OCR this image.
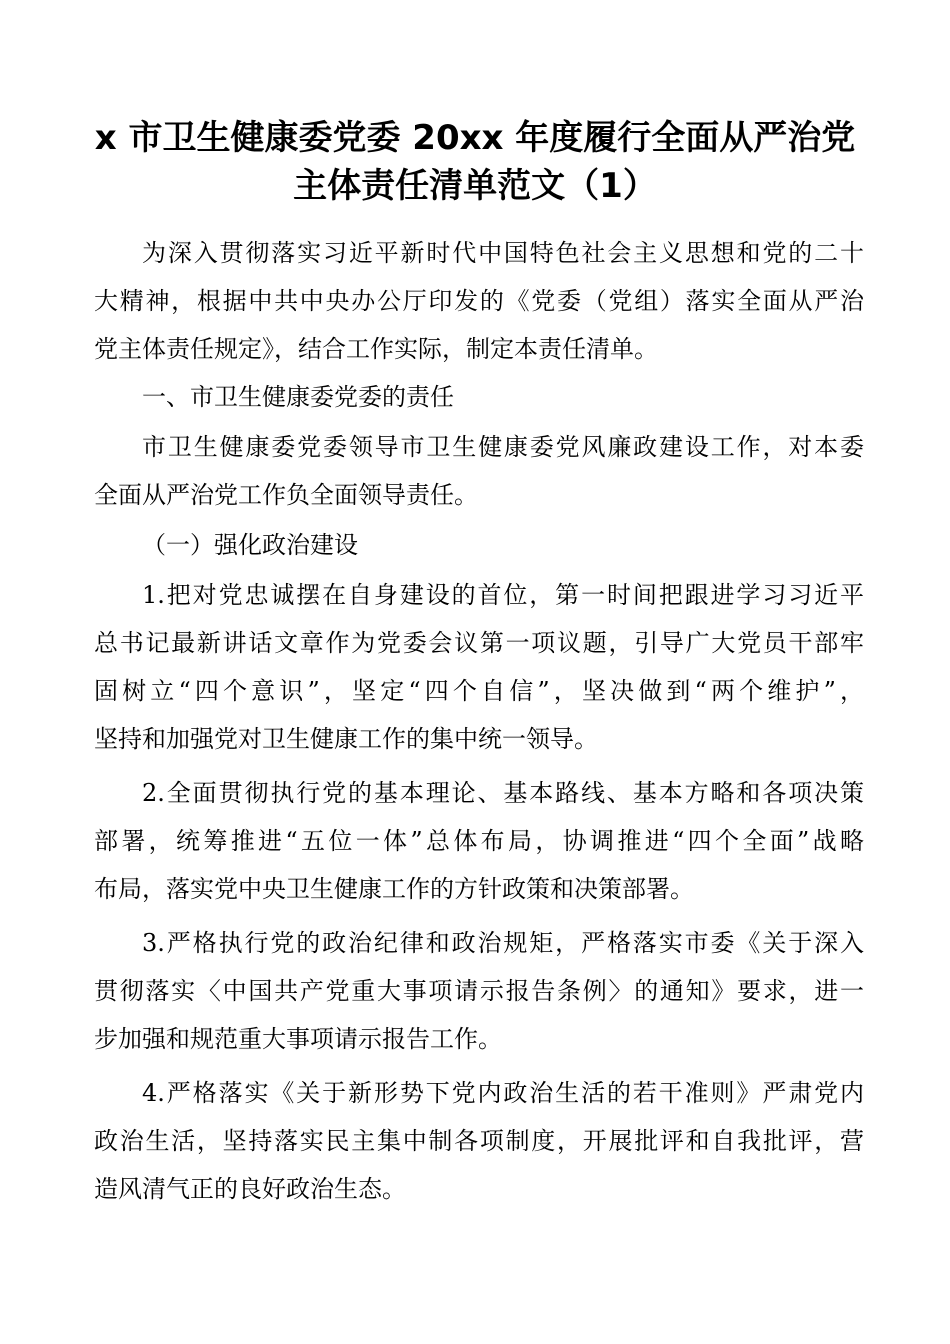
x 市卫生健康委党委 20xx 年度履行全面从严治党
主体责任清单范文（1）

为深入贯彻落实习近平新时代中国特色社会主义思想和党的二十

大精神，根据中共中央办公厅印发的《党委（党组）落实全面从严治

党主体责任规定》，结合工作实际，制定本责任清单。

一、市卫生健康委党委的责任

市卫生健康委党委领导市卫生健康委党风廉政建设工作，对本委

全面从严治党工作负全面领导责任。

（一）强化政治建设

1.把对党忠诚摆在自身建设的首位，第一时间把跟进学习习近平

总书记最新讲话文章作为党委会议第一项议题，引导广大党员干部牢

固树立“四个意识”，坚定“四个自信”，坚决做到“两个维护”，

坚持和加强党对卫生健康工作的集中统一领导。

2.全面贯彻执行党的基本理论、基本路线、基本方略和各项决策

部署，统筹推进“五位一体”总体布局，协调推进“四个全面”战略

布局，落实党中央卫生健康工作的方针政策和决策部署。

3.严格执行党的政治纪律和政治规矩，严格落实市委《关于深入

贯彻落实〈中国共产党重大事项请示报告条例〉的通知》要求，进一

步加强和规范重大事项请示报告工作。

4.严格落实《关于新形势下党内政治生活的若干准则》严肃党内

政治生活，坚持落实民主集中制各项制度，开展批评和自我批评，营

造风清气正的良好政治生态。
